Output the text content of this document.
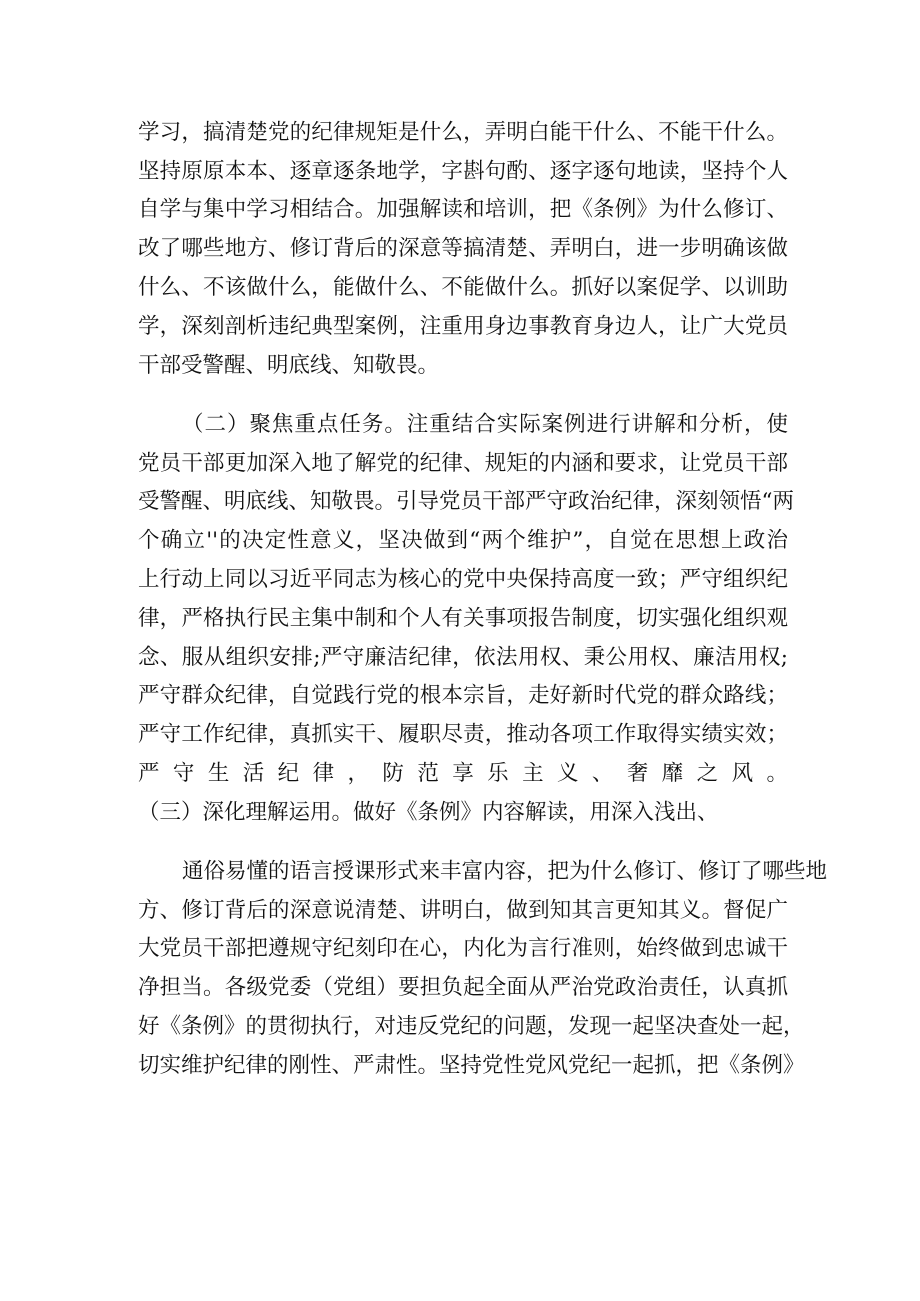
学习，搞清楚党的纪律规矩是什么，弄明白能干什么、不能干什么。
坚持原原本本、逐章逐条地学，字斟句酌、逐字逐句地读，坚持个人
自学与集中学习相结合。加强解读和培训，把《条例》为什么修订、
改了哪些地方、修订背后的深意等搞清楚、弄明白，进一步明确该做
什么、不该做什么，能做什么、不能做什么。抓好以案促学、以训助
学，深刻剖析违纪典型案例，注重用身边事教育身边人，让广大党员
干部受警醒、明底线、知敬畏。
（二）聚焦重点任务。注重结合实际案例进行讲解和分析，使
党员干部更加深入地了解党的纪律、规矩的内涵和要求，让党员干部
受警醒、明底线、知敬畏。引导党员干部严守政治纪律，深刻领悟“两
个确立''的决定性意义，坚决做到“两个维护”，自觉在思想上政治
上行动上同以习近平同志为核心的党中央保持高度一致；严守组织纪
律，严格执行民主集中制和个人有关事项报告制度，切实强化组织观
念、服从组织安排;严守廉洁纪律，依法用权、秉公用权、廉洁用权;
严守群众纪律，自觉践行党的根本宗旨，走好新时代党的群众路线；
严守工作纪律，真抓实干、履职尽责，推动各项工作取得实绩实效；
严守生活纪律，防范享乐主义、奢靡之风。
（三）深化理解运用。做好《条例》内容解读，用深入浅出、
通俗易懂的语言授课形式来丰富内容，把为什么修订、修订了哪些地
方、修订背后的深意说清楚、讲明白，做到知其言更知其义。督促广
大党员干部把遵规守纪刻印在心，内化为言行准则，始终做到忠诚干
净担当。各级党委（党组）要担负起全面从严治党政治责任，认真抓
好《条例》的贯彻执行，对违反党纪的问题，发现一起坚决查处一起，
切实维护纪律的刚性、严肃性。坚持党性党风党纪一起抓，把《条例》
